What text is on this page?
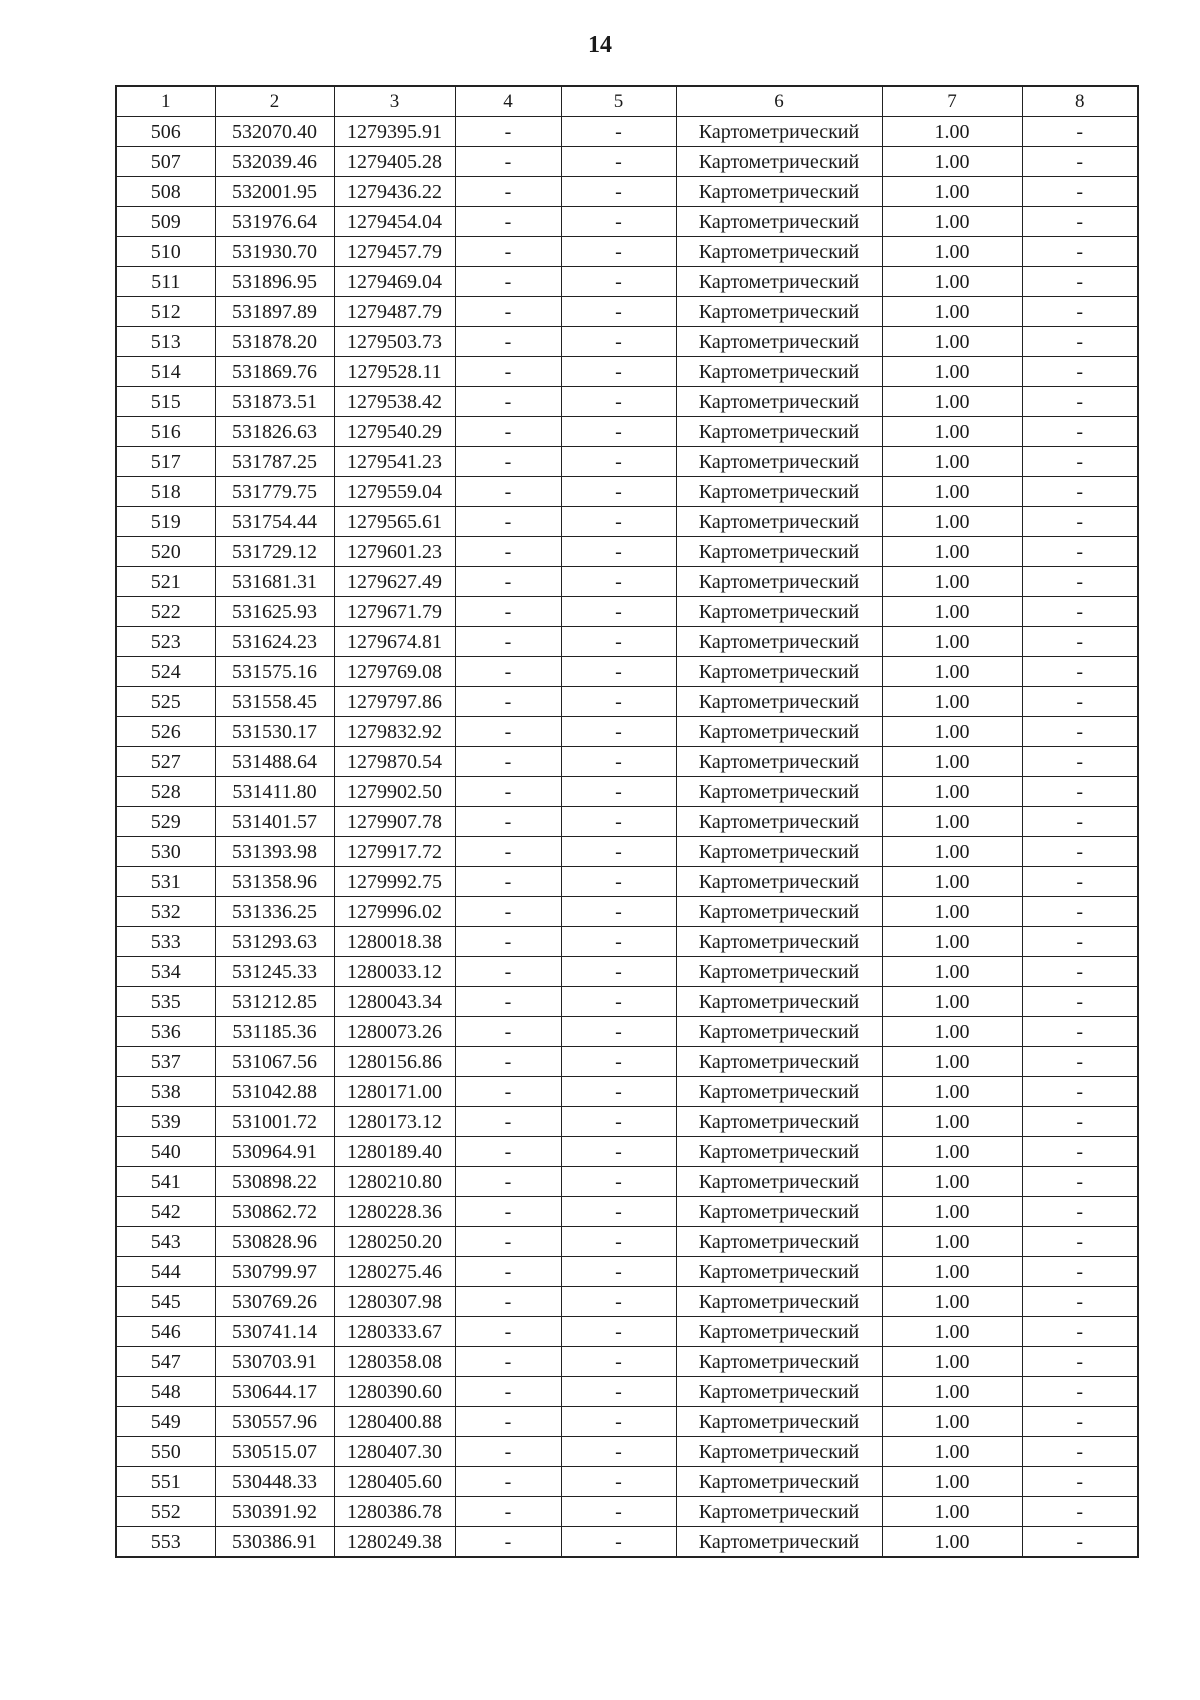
14
1	2	3	4	5	6	7	8
506	532070.40	1279395.91	-	-	Картометрический	1.00	-
507	532039.46	1279405.28	-	-	Картометрический	1.00	-
508	532001.95	1279436.22	-	-	Картометрический	1.00	-
509	531976.64	1279454.04	-	-	Картометрический	1.00	-
510	531930.70	1279457.79	-	-	Картометрический	1.00	-
511	531896.95	1279469.04	-	-	Картометрический	1.00	-
512	531897.89	1279487.79	-	-	Картометрический	1.00	-
513	531878.20	1279503.73	-	-	Картометрический	1.00	-
514	531869.76	1279528.11	-	-	Картометрический	1.00	-
515	531873.51	1279538.42	-	-	Картометрический	1.00	-
516	531826.63	1279540.29	-	-	Картометрический	1.00	-
517	531787.25	1279541.23	-	-	Картометрический	1.00	-
518	531779.75	1279559.04	-	-	Картометрический	1.00	-
519	531754.44	1279565.61	-	-	Картометрический	1.00	-
520	531729.12	1279601.23	-	-	Картометрический	1.00	-
521	531681.31	1279627.49	-	-	Картометрический	1.00	-
522	531625.93	1279671.79	-	-	Картометрический	1.00	-
523	531624.23	1279674.81	-	-	Картометрический	1.00	-
524	531575.16	1279769.08	-	-	Картометрический	1.00	-
525	531558.45	1279797.86	-	-	Картометрический	1.00	-
526	531530.17	1279832.92	-	-	Картометрический	1.00	-
527	531488.64	1279870.54	-	-	Картометрический	1.00	-
528	531411.80	1279902.50	-	-	Картометрический	1.00	-
529	531401.57	1279907.78	-	-	Картометрический	1.00	-
530	531393.98	1279917.72	-	-	Картометрический	1.00	-
531	531358.96	1279992.75	-	-	Картометрический	1.00	-
532	531336.25	1279996.02	-	-	Картометрический	1.00	-
533	531293.63	1280018.38	-	-	Картометрический	1.00	-
534	531245.33	1280033.12	-	-	Картометрический	1.00	-
535	531212.85	1280043.34	-	-	Картометрический	1.00	-
536	531185.36	1280073.26	-	-	Картометрический	1.00	-
537	531067.56	1280156.86	-	-	Картометрический	1.00	-
538	531042.88	1280171.00	-	-	Картометрический	1.00	-
539	531001.72	1280173.12	-	-	Картометрический	1.00	-
540	530964.91	1280189.40	-	-	Картометрический	1.00	-
541	530898.22	1280210.80	-	-	Картометрический	1.00	-
542	530862.72	1280228.36	-	-	Картометрический	1.00	-
543	530828.96	1280250.20	-	-	Картометрический	1.00	-
544	530799.97	1280275.46	-	-	Картометрический	1.00	-
545	530769.26	1280307.98	-	-	Картометрический	1.00	-
546	530741.14	1280333.67	-	-	Картометрический	1.00	-
547	530703.91	1280358.08	-	-	Картометрический	1.00	-
548	530644.17	1280390.60	-	-	Картометрический	1.00	-
549	530557.96	1280400.88	-	-	Картометрический	1.00	-
550	530515.07	1280407.30	-	-	Картометрический	1.00	-
551	530448.33	1280405.60	-	-	Картометрический	1.00	-
552	530391.92	1280386.78	-	-	Картометрический	1.00	-
553	530386.91	1280249.38	-	-	Картометрический	1.00	-
